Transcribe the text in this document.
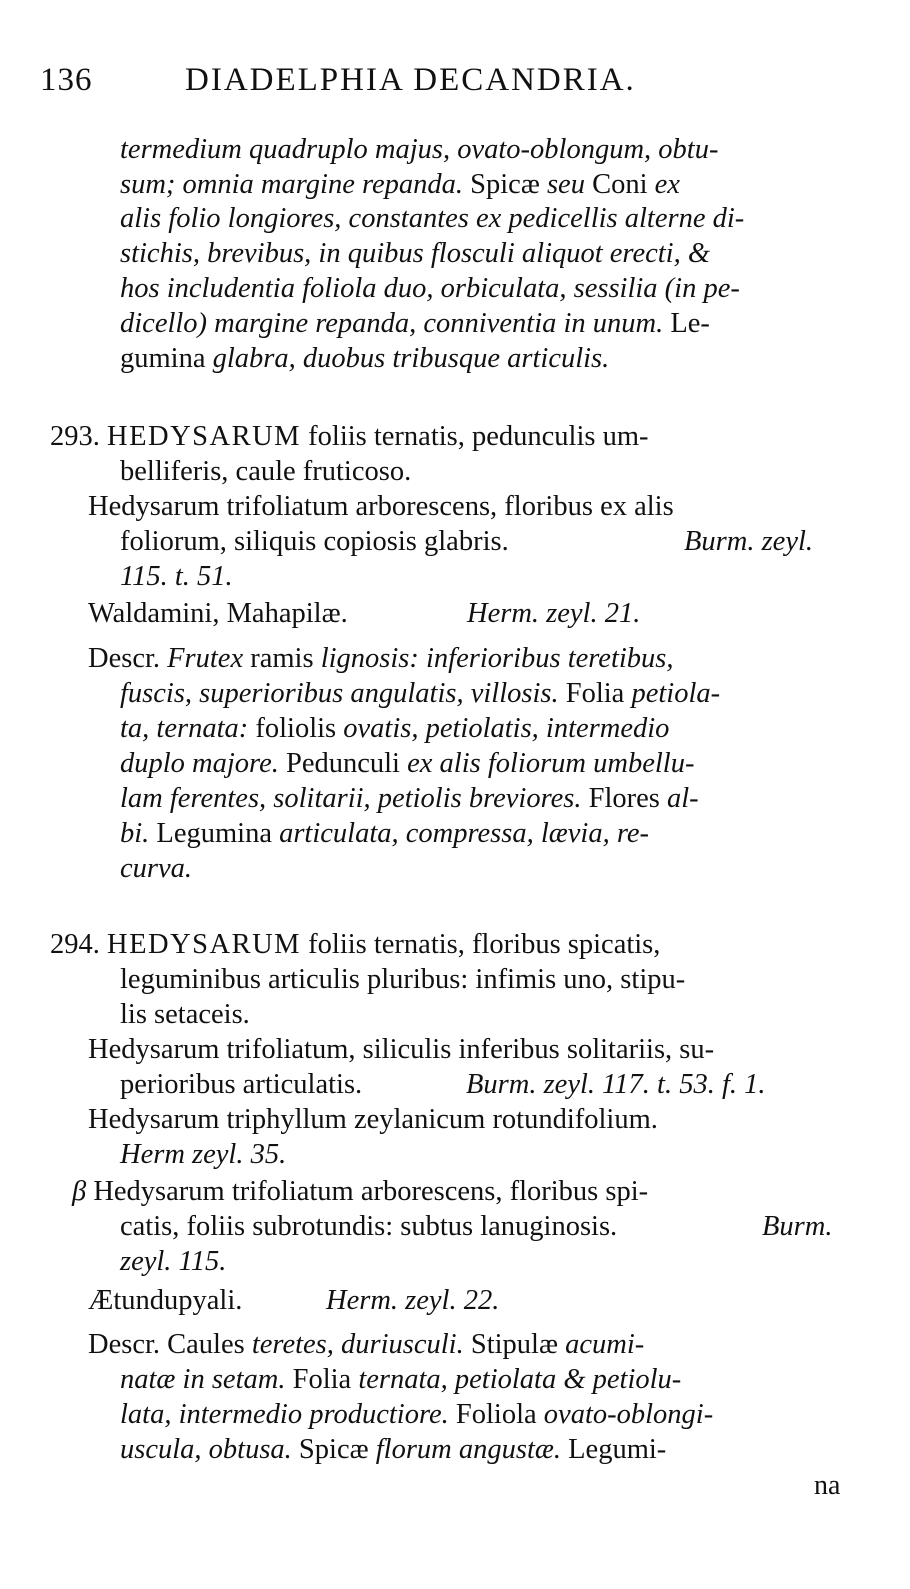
136	DIADELPHIA DECANDRIA.
termedium quadruplo majus, ovato-oblongum, obtu-
sum; omnia margine repanda. Spicæ seu Coni ex
alis folio longiores, constantes ex pedicellis alterne di-
stichis, brevibus, in quibus flosculi aliquot erecti, &
hos includentia foliola duo, orbiculata, sessilia (in pe-
dicello) margine repanda, conniventia in unum. Le-
gumina glabra, duobus tribusque articulis.
293. HEDYSARUM foliis ternatis, pedunculis um-
belliferis, caule fruticoso.
Hedysarum trifoliatum arborescens, floribus ex alis
foliorum, siliquis copiosis glabris.	Burm. zeyl.
115. t. 51.
Waldamini, Mahapilæ.	Herm. zeyl. 21.
Descr. Frutex ramis lignosis: inferioribus teretibus,
fuscis, superioribus angulatis, villosis. Folia petiola-
ta, ternata: foliolis ovatis, petiolatis, intermedio
duplo majore. Pedunculi ex alis foliorum umbellu-
lam ferentes, solitarii, petiolis breviores. Flores al-
bi. Legumina articulata, compressa, lævia, re-
curva.
294. HEDYSARUM foliis ternatis, floribus spicatis,
leguminibus articulis pluribus: infimis uno, stipu-
lis setaceis.
Hedysarum trifoliatum, siliculis inferibus solitariis, su-
perioribus articulatis.	Burm. zeyl. 117. t. 53. f. 1.
Hedysarum triphyllum zeylanicum rotundifolium.
Herm zeyl. 35.
β Hedysarum trifoliatum arborescens, floribus spi-
catis, foliis subrotundis: subtus lanuginosis.	Burm.
zeyl. 115.
Ætundupyali.	Herm. zeyl. 22.
Descr. Caules teretes, duriusculi. Stipulæ acumi-
natæ in setam. Folia ternata, petiolata & petiolu-
lata, intermedio productiore. Foliola ovato-oblongi-
uscula, obtusa. Spicæ florum angustæ. Legumi-
na
